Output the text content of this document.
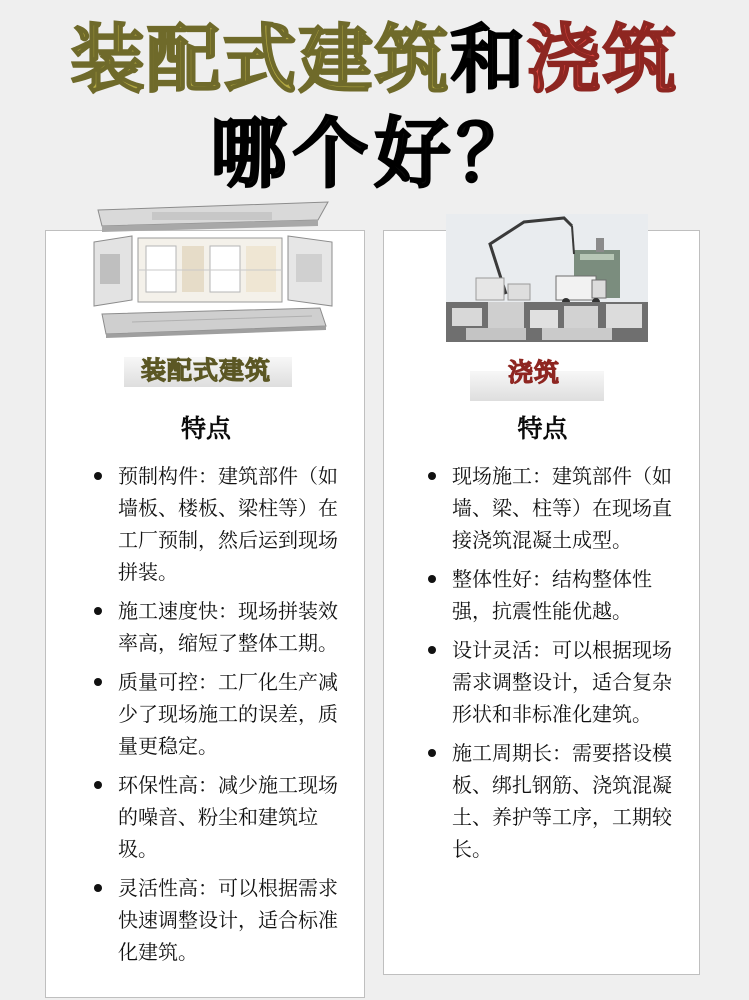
装配式建筑和浇筑
哪个好？
装配式建筑
特点
预制构件：建筑部件（如墙板、楼板、梁柱等）在工厂预制，然后运到现场拼装。
施工速度快：现场拼装效率高，缩短了整体工期。
质量可控：工厂化生产减少了现场施工的误差，质量更稳定。
环保性高：减少施工现场的噪音、粉尘和建筑垃圾。
灵活性高：可以根据需求快速调整设计，适合标准化建筑。
浇筑
特点
现场施工：建筑部件（如墙、梁、柱等）在现场直接浇筑混凝土成型。
整体性好：结构整体性强，抗震性能优越。
设计灵活：可以根据现场需求调整设计，适合复杂形状和非标准化建筑。
施工周期长：需要搭设模板、绑扎钢筋、浇筑混凝土、养护等工序，工期较长。
